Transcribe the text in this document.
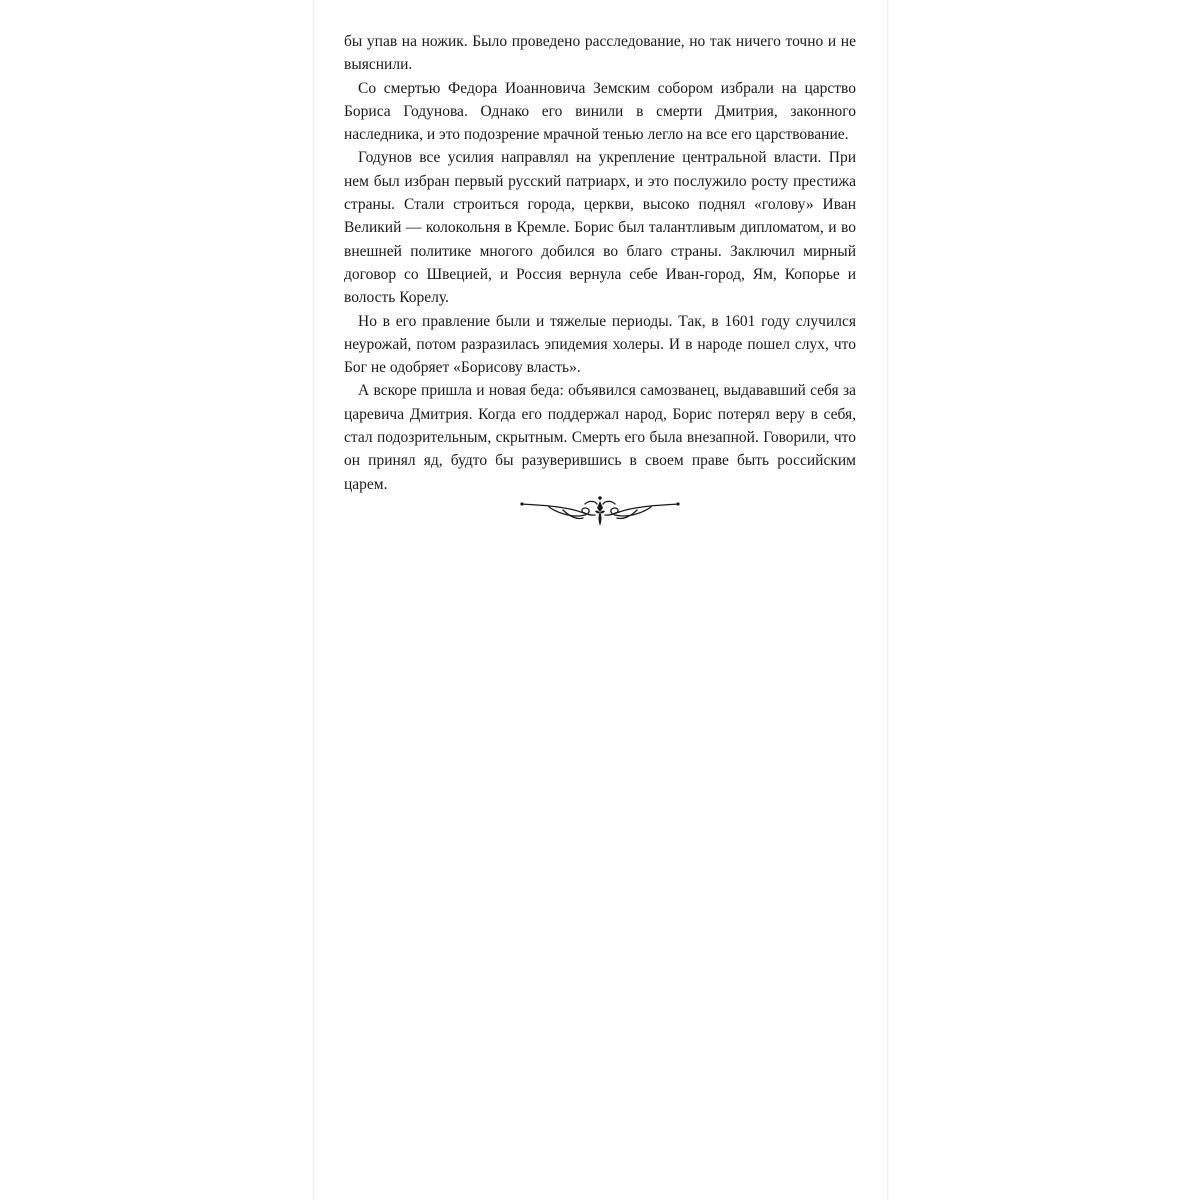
бы упав на ножик. Было проведено расследование, но так ничего точно и не выяснили.

Со смертью Федора Иоанновича Земским собором избрали на царство Бориса Годунова. Однако его винили в смерти Дмитрия, законного наследника, и это подозрение мрачной тенью легло на все его царствование.

Годунов все усилия направлял на укрепление центральной власти. При нем был избран первый русский патриарх, и это послужило росту престижа страны. Стали строиться города, церкви, высоко поднял «голову» Иван Великий — колокольня в Кремле. Борис был талантливым дипломатом, и во внешней политике многого добился во благо страны. Заключил мирный договор со Швецией, и Россия вернула себе Иван-город, Ям, Копорье и волость Корелу.

Но в его правление были и тяжелые периоды. Так, в 1601 году случился неурожай, потом разразилась эпидемия холеры. И в народе пошел слух, что Бог не одобряет «Борисову власть».

А вскоре пришла и новая беда: объявился самозванец, выдававший себя за царевича Дмитрия. Когда его поддержал народ, Борис потерял веру в себя, стал подозрительным, скрытным. Смерть его была внезапной. Говорили, что он принял яд, будто бы разуверившись в своем праве быть российским царем.
